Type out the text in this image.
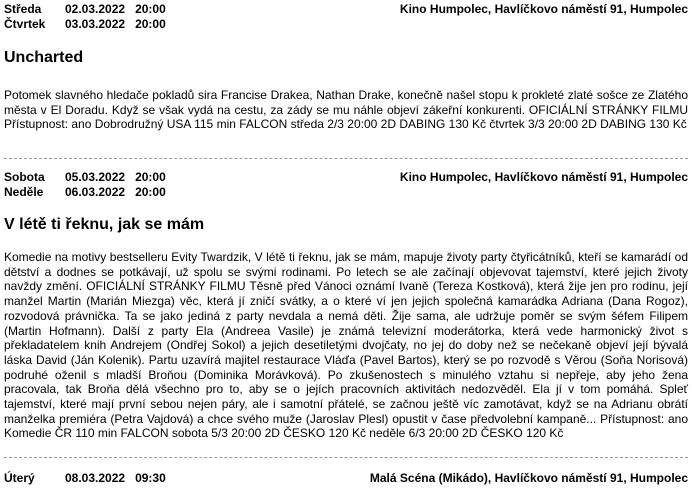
Středa 02.03.2022 20:00
Čtvrtek 03.03.2022 20:00
Kino Humpolec, Havlíčkovo náměstí 91, Humpolec
Uncharted

Potomek slavného hledače pokladů sira Francise Drakea, Nathan Drake, konečně našel stopu k prokleté zlaté sošce ze Zlatého města v El Doradu. Když se však vydá na cestu, za zády se mu náhle objeví zákeřní konkurenti. OFICIÁLNÍ STRÁNKY FILMU Přístupnost: ano Dobrodružný USA 115 min FALCON středa 2/3 20:00 2D DABING 130 Kč čtvrtek 3/3 20:00 2D DABING 130 Kč

Sobota 05.03.2022 20:00
Neděle 06.03.2022 20:00
Kino Humpolec, Havlíčkovo náměstí 91, Humpolec
V létě ti řeknu, jak se mám

Komedie na motivy bestselleru Evity Twardzik, V létě ti řeknu, jak se mám, mapuje životy party čtyřicátníků, kteří se kamarádí od dětství a dodnes se potkávají, už spolu se svými rodinami. Po letech se ale začínají objevovat tajemství, které jejich životy navždy změní. OFICIÁLNÍ STRÁNKY FILMU Těsně před Vánoci oznámí Ivaně (Tereza Kostková), která žije jen pro rodinu, její manžel Martin (Marián Miezga) věc, která jí zničí svátky, a o které ví jen jejich společná kamarádka Adriana (Dana Rogoz), rozvodová právnička. Ta se jako jediná z party nevdala a nemá děti. Žije sama, ale udržuje poměr se svým šéfem Filipem (Martin Hofmann). Další z party Ela (Andreea Vasile) je známá televizní moderátorka, která vede harmonický život s překladatelem knih Andrejem (Ondřej Sokol) a jejich desetiletými dvojčaty, no jej do doby než se nečekaně objeví její bývalá láska David (Ján Kolenik). Partu uzavírá majitel restaurace Vláďa (Pavel Bartos), který se po rozvodě s Věrou (Soňa Norisová) podruhé oženil s mladší Broňou (Dominika Morávková). Po zkušenostech s minulého vztahu si nepřeje, aby jeho žena pracovala, tak Broňa dělá všechno pro to, aby se o jejích pracovních aktivitách nedozvěděl. Ela jí v tom pomáhá. Spleť tajemství, které mají první sebou nejen páry, ale i samotní přátelé, se začnou ještě víc zamotávat, když se na Adrianu obrátí manželka premiéra (Petra Vajdová) a chce svého muže (Jaroslav Plesl) opustit v čase předvolební kampaně... Přístupnost: ano Komedie ČR 110 min FALCON sobota 5/3 20:00 2D ČESKO 120 Kč neděle 6/3 20:00 2D ČESKO 120 Kč

Úterý	08.03.2022 09:30	Malá Scéna (Mikádo), Havlíčkovo náměstí 91, Humpolec
